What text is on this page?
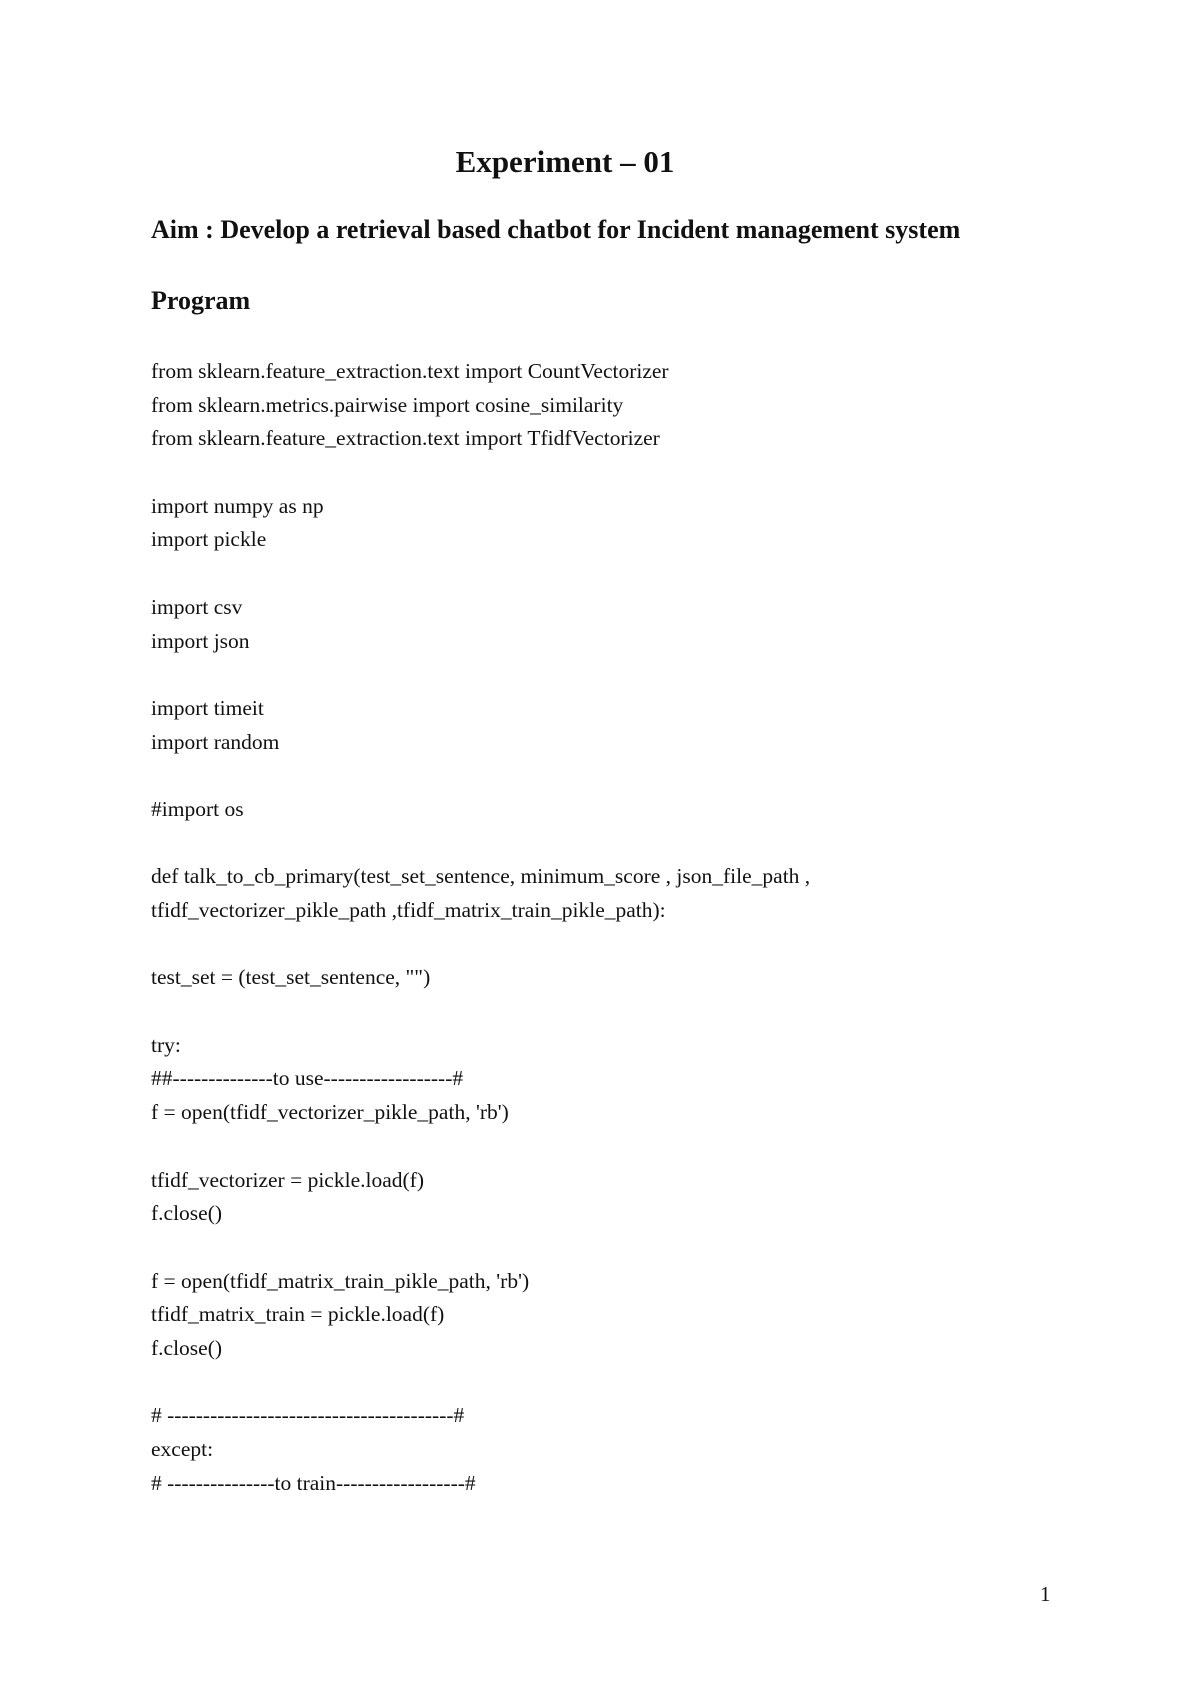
Experiment – 01
Aim : Develop a retrieval based chatbot for Incident management system
Program
from sklearn.feature_extraction.text import CountVectorizer
from sklearn.metrics.pairwise import cosine_similarity
from sklearn.feature_extraction.text import TfidfVectorizer
import numpy as np
import pickle
import csv
import json
import timeit
import random
#import os
def talk_to_cb_primary(test_set_sentence, minimum_score , json_file_path ,
tfidf_vectorizer_pikle_path ,tfidf_matrix_train_pikle_path):
test_set = (test_set_sentence, "")
try:
##--------------to use------------------#
f = open(tfidf_vectorizer_pikle_path, 'rb')
tfidf_vectorizer = pickle.load(f)
f.close()
f = open(tfidf_matrix_train_pikle_path, 'rb')
tfidf_matrix_train = pickle.load(f)
f.close()
# ----------------------------------------#
except:
# ---------------to train------------------#
1
